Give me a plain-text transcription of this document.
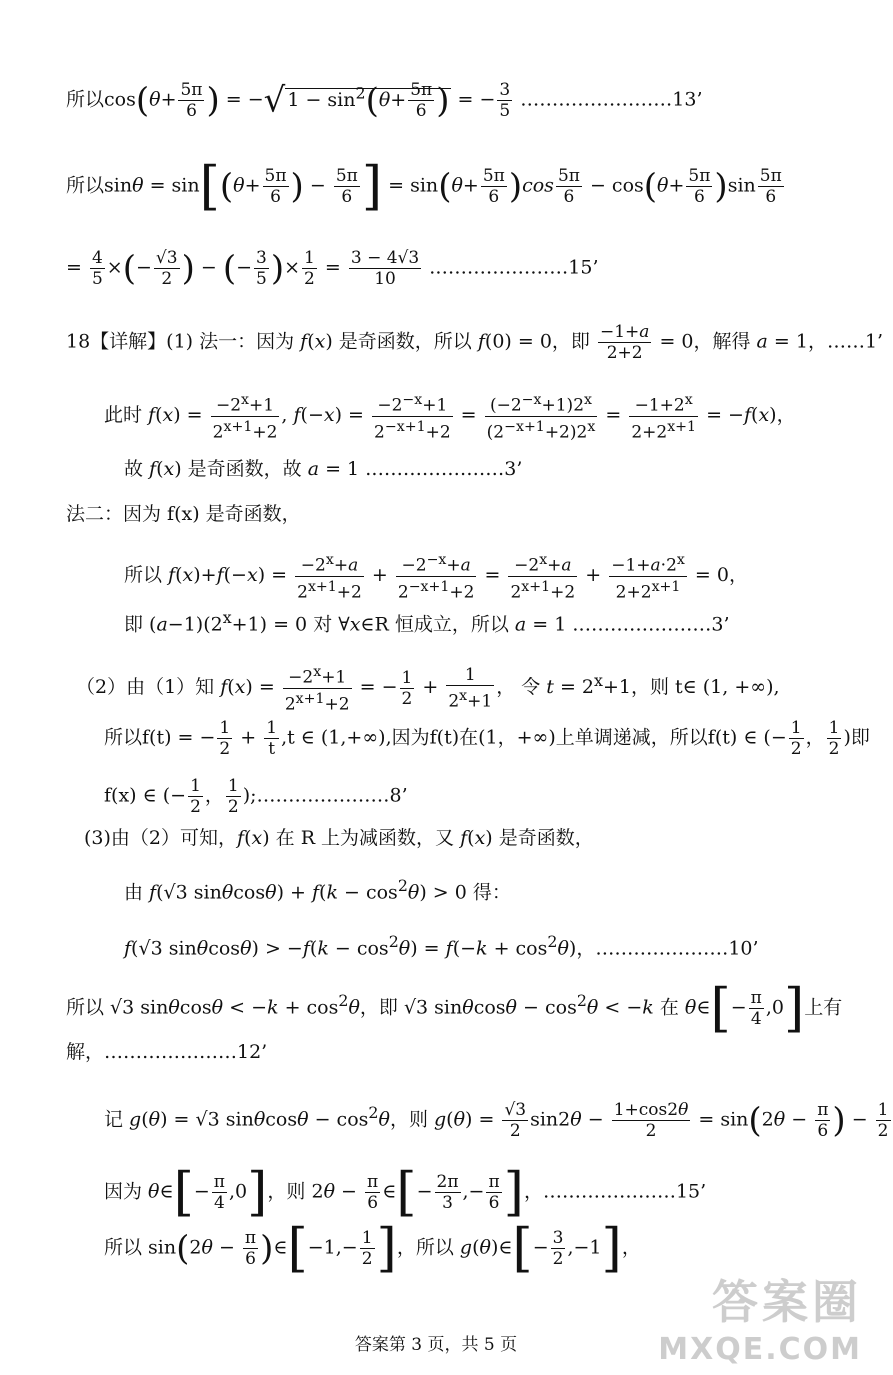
所以$\cos(\theta+ \frac{5\pi}{6}$ ) = −√ $1 - \sin^2(\theta+ \frac{5\pi}{6}$ ) = − $\frac{3}{5}$ ……………………13’
所以$\sin\theta = \sin[(\theta+ \frac{5\pi}{6}$ ) − $\frac{5\pi}{6}$ ] = $\sin(\theta+ \frac{5\pi}{6} )\cos \frac{5\pi}{6} - \cos(\theta+ \frac{5\pi}{6} )\sin \frac{5\pi}{6}$
= $\frac{4}{5}$ ×(− $\frac{√3}{2}$ ) − (− $\frac{3}{5}$ )× $\frac{1}{2} = \frac{3 - 4√3}{10}$ .…………………15’
18【详解】(1) 法一：因为 f(x) 是奇函数，所以 f(0) = 0，即 $\frac{-1+a}{2+2} = 0$，解得 a = 1，……1’
此时 $f(x) = \frac{-2^x+1}{2^{x+1}+2}$ , $f(-x) = \frac{-2^{-x}+1}{2^{-x+1}+2} = \frac{(-2^{-x}+1)2^x}{(2^{-x+1}+2)2^x} = \frac{-1+2^x}{2+2^{x+1}} = -f(x)$，
故 f(x) 是奇函数，故 a = 1 .…………………3’
法二：因为 f(x) 是奇函数，
所以 $f(x)+f(-x) = \frac{-2^x+a}{2^{x+1}+2} + \frac{-2^{-x}+a}{2^{-x+1}+2} = \frac{-2^x+a}{2^{x+1}+2} + \frac{-1+a\cdot 2^x}{2+2^{x+1}} = 0$，
即 $(a-1)(2^x+1) = 0$ 对 ∀x∈R 恒成立，所以 a = 1 .…………………3’
（2）由（1）知 $f(x) = \frac{-2^x+1}{2^{x+1}+2}$ = − $\frac{1}{2} + \frac{1}{2^x+1}$ ， 令 $t = 2^x+1$，则 t∈ (1, +∞),
所以f(t) = − $\frac{1}{2} + \frac{1}{t} ,t$ ∈ (1,+∞),因为f(t)在(1，+∞)上单调递减，所以f(t) ∈ (− $\frac{1}{2}$ ， $\frac{1}{2}$ )即
f(x) ∈ (− $\frac{1}{2}$ ， $\frac{1}{2}$ );…………………8’
(3)由（2）可知，f(x) 在 R 上为减函数，又 f(x) 是奇函数，
由 f(√3 $\sin\theta\cos\theta) + f(k - \cos^2\theta) > 0$ 得：
f(√3 $\sin\theta\cos\theta) > -f(k - \cos^2\theta) = f(-k + \cos^2\theta)$，…………………10’
所以 √3 $\sin\theta\cos\theta < -k + \cos^2\theta$，即 √3 $\sin\theta\cos\theta - \cos^2\theta < -k$ 在 θ∈[− $\frac{\pi}{4} ,0$]上有
解，…………………12’
记 g(θ) = √3 $\sin\theta\cos\theta - \cos^2\theta$，则 $g(\theta) = \frac{√3}{2} \sin 2\theta - \frac{1+\cos 2\theta}{2} = \sin(2\theta - \frac{\pi}{6}$ ) − $\frac{1}{2}$
因为 θ∈[− $\frac{\pi}{4} ,0$]，则 $2\theta - \frac{\pi}{6}$ ∈[− $\frac{2\pi}{3}$ ,− $\frac{\pi}{6}$ ]，…………………15’
所以 $\sin(2\theta - \frac{\pi}{6}$ )∈[−1,− $\frac{1}{2}$ ]，所以 g(θ)∈[− $\frac{3}{2} ,-1$]，
答案第 3 页，共 5 页
答案圈
MXQE.COM
